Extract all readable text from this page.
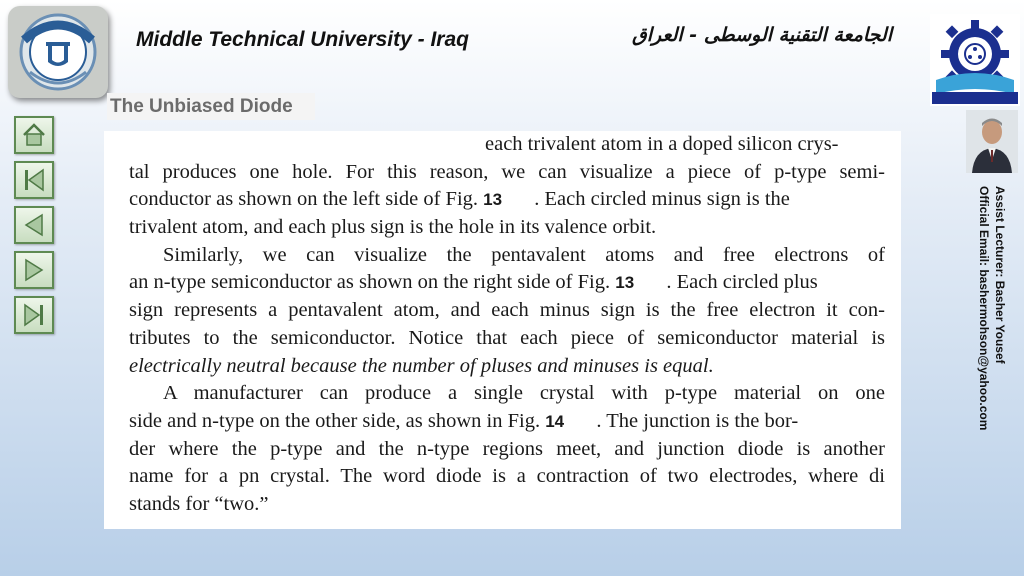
Middle Technical University - Iraq	الجامعة التقنية الوسطى - العراق
The Unbiased Diode
each trivalent atom in a doped silicon crys-
tal produces one hole. For this reason, we can visualize a piece of p-type semi-
conductor as shown on the left side of Fig. 13 . Each circled minus sign is the
trivalent atom, and each plus sign is the hole in its valence orbit.
Similarly, we can visualize the pentavalent atoms and free electrons of
an n-type semiconductor as shown on the right side of Fig. 13 . Each circled plus
sign represents a pentavalent atom, and each minus sign is the free electron it con-
tributes to the semiconductor. Notice that each piece of semiconductor material is
electrically neutral because the number of pluses and minuses is equal.
A manufacturer can produce a single crystal with p-type material on one
side and n-type on the other side, as shown in Fig. 14 . The junction is the bor-
der where the p-type and the n-type regions meet, and junction diode is another
name for a pn crystal. The word diode is a contraction of two electrodes, where di
stands for “two.”
Assist Lecturer: Basher Yousef
Official Email: bashermohson@yahoo.com
